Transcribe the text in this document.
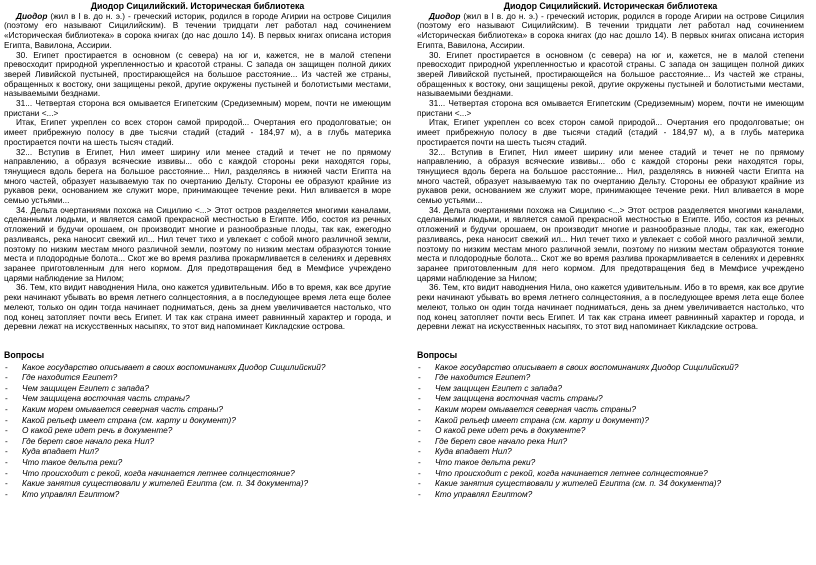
Диодор Сицилийский. Историческая библиотека

Диодор (жил в I в. до н. э.) - греческий историк, родился в городе Агирии на острове Сицилия (поэтому его называют Сицилийским). В течении тридцати лет работал над сочинением «Историческая библиотека» в сорока книгах (до нас дошло 14). В первых книгах описана история Египта, Вавилона, Ассирии.

30. Египет простирается в основном (с севера) на юг и, кажется, не в малой степени превосходит природной укрепленностью и красотой страны. С запада он защищен полной диких зверей Ливийской пустыней, простирающейся на большое расстояние... Из частей же страны, обращенных к востоку, они защищены рекой, другие окружены пустыней и болотистыми местами, называемыми безднами.

31... Четвертая сторона вся омывается Египетским (Средиземным) морем, почти не имеющим пристани <...>

Итак, Египет укреплен со всех сторон самой природой... Очертания его продолговатые; он имеет прибрежную полосу в две тысячи стадий (стадий - 184,97 м), а в глубь материка простирается почти на шесть тысяч стадий.

32... Вступив в Египет, Нил имеет ширину или менее стадий и течет не по прямому направлению, а образуя всяческие извивы... обо с каждой стороны реки находятся горы, тянущиеся вдоль берега на большое расстояние... Нил, разделяясь в нижней части Египта на много частей, образует называемую так по очертанию Дельту. Стороны ее образуют крайние из рукавов реки, основанием же служит море, принимающее течение реки. Нил вливается в море семью устьями...

34. Дельта очертаниями похожа на Сицилию <...> Этот остров разделяется многими каналами, сделанными людьми, и является самой прекрасной местностью в Египте. Ибо, состоя из речных отложений и будучи орошаем, он производит многие и разнообразные плоды, так как, ежегодно разливаясь, река наносит свежий ил... Нил течет тихо и увлекает с собой много различной земли, поэтому по низким местам много различной земли, поэтому по низким местам образуются тонкие места и плодородные болота... Скот же во время разлива прокармливается в селениях и деревнях заранее приготовленным для него кормом. Для предотвращения бед в Мемфисе учреждено царями наблюдение за Нилом;

36. Тем, кто видит наводнения Нила, оно кажется удивительным. Ибо в то время, как все другие реки начинают убывать во время летнего солнцестояния, а в последующее время лета еще более мелеют, только он один тогда начинает подниматься, день за днем увеличивается настолько, что под конец затопляет почти весь Египет. И так как страна имеет равнинный характер и города, и деревни лежат на искусственных насыпях, то этот вид напоминает Кикладские острова.

Вопросы

- Какое государство описывает в своих воспоминаниях Диодор Сицилийский?
- Где находится Египет?
- Чем защищен Египет с запада?
- Чем защищена восточная часть страны?
- Каким морем омывается северная часть страны?
- Какой рельеф имеет страна (см. карту и документ)?
- О какой реке идет речь в документе?
- Где берет свое начало река Нил?
- Куда впадает Нил?
- Что такое дельта реки?
- Что происходит с рекой, когда начинается летнее солнцестояние?
- Какие занятия существовали у жителей Египта (см. п. 34 документа)?
- Кто управлял Египтом?

Диодор Сицилийский. Историческая библиотека

Диодор (жил в I в. до н. э.) - греческий историк, родился в городе Агирии на острове Сицилия (поэтому его называют Сицилийским). В течении тридцати лет работал над сочинением «Историческая библиотека» в сорока книгах (до нас дошло 14). В первых книгах описана история Египта, Вавилона, Ассирии.

30. Египет простирается в основном (с севера) на юг и, кажется, не в малой степени превосходит природной укрепленностью и красотой страны. С запада он защищен полной диких зверей Ливийской пустыней, простирающейся на большое расстояние... Из частей же страны, обращенных к востоку, они защищены рекой, другие окружены пустыней и болотистыми местами, называемыми безднами.

31... Четвертая сторона вся омывается Египетским (Средиземным) морем, почти не имеющим пристани <...>

Итак, Египет укреплен со всех сторон самой природой... Очертания его продолговатые; он имеет прибрежную полосу в две тысячи стадий (стадий - 184,97 м), а в глубь материка простирается почти на шесть тысяч стадий.

32... Вступив в Египет, Нил имеет ширину или менее стадий и течет не по прямому направлению, а образуя всяческие извивы... обо с каждой стороны реки находятся горы, тянущиеся вдоль берега на большое расстояние... Нил, разделяясь в нижней части Египта на много частей, образует называемую так по очертанию Дельту. Стороны ее образуют крайние из рукавов реки, основанием же служит море, принимающее течение реки. Нил вливается в море семью устьями...

34. Дельта очертаниями похожа на Сицилию <...> Этот остров разделяется многими каналами, сделанными людьми, и является самой прекрасной местностью в Египте. Ибо, состоя из речных отложений и будучи орошаем, он производит многие и разнообразные плоды, так как, ежегодно разливаясь, река наносит свежий ил... Нил течет тихо и увлекает с собой много различной земли, поэтому по низким местам много различной земли, поэтому по низким местам образуются тонкие места и плодородные болота... Скот же во время разлива прокармливается в селениях и деревнях заранее приготовленным для него кормом. Для предотвращения бед в Мемфисе учреждено царями наблюдение за Нилом;

36. Тем, кто видит наводнения Нила, оно кажется удивительным. Ибо в то время, как все другие реки начинают убывать во время летнего солнцестояния, а в последующее время лета еще более мелеют, только он один тогда начинает подниматься, день за днем увеличивается настолько, что под конец затопляет почти весь Египет. И так как страна имеет равнинный характер и города, и деревни лежат на искусственных насыпях, то этот вид напоминает Кикладские острова.

Вопросы

- Какое государство описывает в своих воспоминаниях Диодор Сицилийский?
- Где находится Египет?
- Чем защищен Египет с запада?
- Чем защищена восточная часть страны?
- Каким морем омывается северная часть страны?
- Какой рельеф имеет страна (см. карту и документ)?
- О какой реке идет речь в документе?
- Где берет свое начало река Нил?
- Куда впадает Нил?
- Что такое дельта реки?
- Что происходит с рекой, когда начинается летнее солнцестояние?
- Какие занятия существовали у жителей Египта (см. п. 34 документа)?
- Кто управлял Египтом?
